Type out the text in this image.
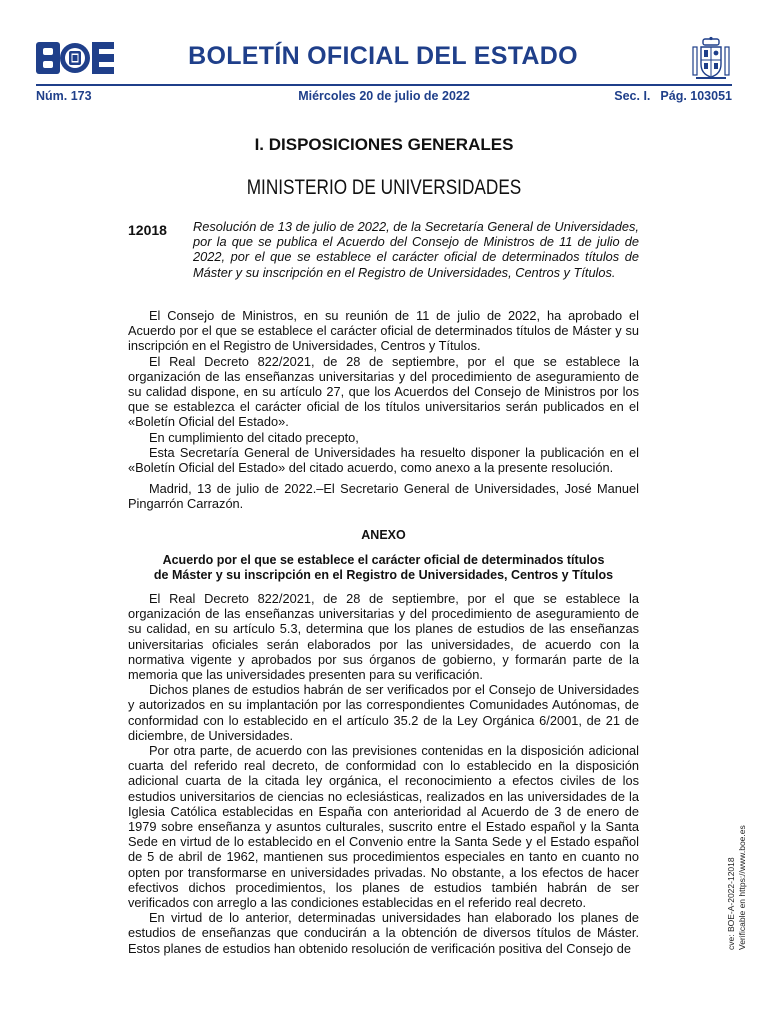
BOLETÍN OFICIAL DEL ESTADO
Núm. 173	Miércoles 20 de julio de 2022	Sec. I. Pág. 103051
I. DISPOSICIONES GENERALES
MINISTERIO DE UNIVERSIDADES
12018 Resolución de 13 de julio de 2022, de la Secretaría General de Universidades, por la que se publica el Acuerdo del Consejo de Ministros de 11 de julio de 2022, por el que se establece el carácter oficial de determinados títulos de Máster y su inscripción en el Registro de Universidades, Centros y Títulos.

El Consejo de Ministros, en su reunión de 11 de julio de 2022, ha aprobado el Acuerdo por el que se establece el carácter oficial de determinados títulos de Máster y su inscripción en el Registro de Universidades, Centros y Títulos.

El Real Decreto 822/2021, de 28 de septiembre, por el que se establece la organización de las enseñanzas universitarias y del procedimiento de aseguramiento de su calidad dispone, en su artículo 27, que los Acuerdos del Consejo de Ministros por los que se establezca el carácter oficial de los títulos universitarios serán publicados en el «Boletín Oficial del Estado».

En cumplimiento del citado precepto,

Esta Secretaría General de Universidades ha resuelto disponer la publicación en el «Boletín Oficial del Estado» del citado acuerdo, como anexo a la presente resolución.

Madrid, 13 de julio de 2022.–El Secretario General de Universidades, José Manuel Pingarrón Carrazón.

ANEXO
Acuerdo por el que se establece el carácter oficial de determinados títulos
de Máster y su inscripción en el Registro de Universidades, Centros y Títulos

El Real Decreto 822/2021, de 28 de septiembre, por el que se establece la organización de las enseñanzas universitarias y del procedimiento de aseguramiento de su calidad, en su artículo 5.3, determina que los planes de estudios de las enseñanzas universitarias oficiales serán elaborados por las universidades, de acuerdo con la normativa vigente y aprobados por sus órganos de gobierno, y formarán parte de la memoria que las universidades presenten para su verificación.

Dichos planes de estudios habrán de ser verificados por el Consejo de Universidades y autorizados en su implantación por las correspondientes Comunidades Autónomas, de conformidad con lo establecido en el artículo 35.2 de la Ley Orgánica 6/2001, de 21 de diciembre, de Universidades.

Por otra parte, de acuerdo con las previsiones contenidas en la disposición adicional cuarta del referido real decreto, de conformidad con lo establecido en la disposición adicional cuarta de la citada ley orgánica, el reconocimiento a efectos civiles de los estudios universitarios de ciencias no eclesiásticas, realizados en las universidades de la Iglesia Católica establecidas en España con anterioridad al Acuerdo de 3 de enero de 1979 sobre enseñanza y asuntos culturales, suscrito entre el Estado español y la Santa Sede en virtud de lo establecido en el Convenio entre la Santa Sede y el Estado español de 5 de abril de 1962, mantienen sus procedimientos especiales en tanto en cuanto no opten por transformarse en universidades privadas. No obstante, a los efectos de hacer efectivos dichos procedimientos, los planes de estudios también habrán de ser verificados con arreglo a las condiciones establecidas en el referido real decreto.

En virtud de lo anterior, determinadas universidades han elaborado los planes de estudios de enseñanzas que conducirán a la obtención de diversos títulos de Máster. Estos planes de estudios han obtenido resolución de verificación positiva del Consejo de	cve: BOE-A-2022-12018 Verificable en https://www.boe.es
